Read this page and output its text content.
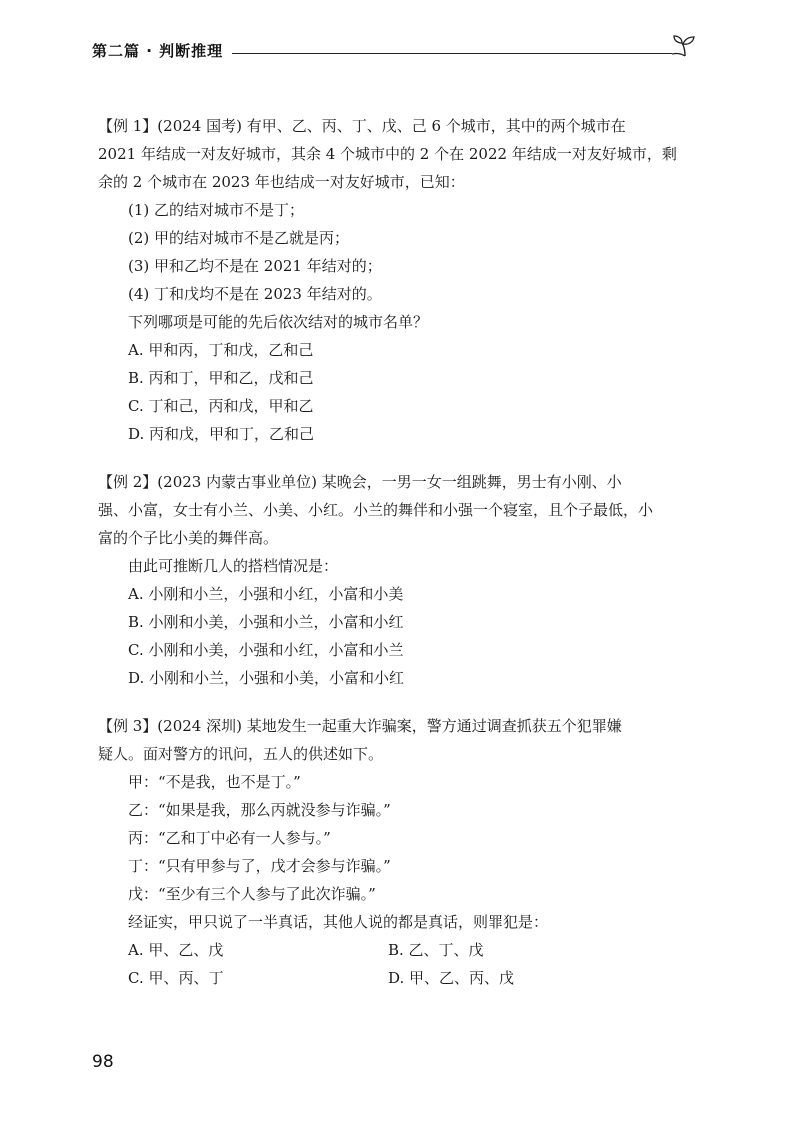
第二篇 · 判断推理
【例 1】(2024 国考) 有甲、乙、丙、丁、戊、己 6 个城市，其中的两个城市在
2021 年结成一对友好城市，其余 4 个城市中的 2 个在 2022 年结成一对友好城市，剩
余的 2 个城市在 2023 年也结成一对友好城市，已知：
(1) 乙的结对城市不是丁；
(2) 甲的结对城市不是乙就是丙；
(3) 甲和乙均不是在 2021 年结对的；
(4) 丁和戊均不是在 2023 年结对的。
下列哪项是可能的先后依次结对的城市名单？
A. 甲和丙，丁和戊，乙和己
B. 丙和丁，甲和乙，戊和己
C. 丁和己，丙和戊，甲和乙
D. 丙和戊，甲和丁，乙和己
【例 2】(2023 内蒙古事业单位) 某晚会，一男一女一组跳舞，男士有小刚、小
强、小富，女士有小兰、小美、小红。小兰的舞伴和小强一个寝室，且个子最低，小
富的个子比小美的舞伴高。
由此可推断几人的搭档情况是：
A. 小刚和小兰，小强和小红，小富和小美
B. 小刚和小美，小强和小兰，小富和小红
C. 小刚和小美，小强和小红，小富和小兰
D. 小刚和小兰，小强和小美，小富和小红
【例 3】(2024 深圳) 某地发生一起重大诈骗案，警方通过调查抓获五个犯罪嫌
疑人。面对警方的讯问，五人的供述如下。
甲：“不是我，也不是丁。”
乙：“如果是我，那么丙就没参与诈骗。”
丙：“乙和丁中必有一人参与。”
丁：“只有甲参与了，戊才会参与诈骗。”
戊：“至少有三个人参与了此次诈骗。”
经证实，甲只说了一半真话，其他人说的都是真话，则罪犯是：
A. 甲、乙、戊	B. 乙、丁、戊
C. 甲、丙、丁	D. 甲、乙、丙、戊
98
